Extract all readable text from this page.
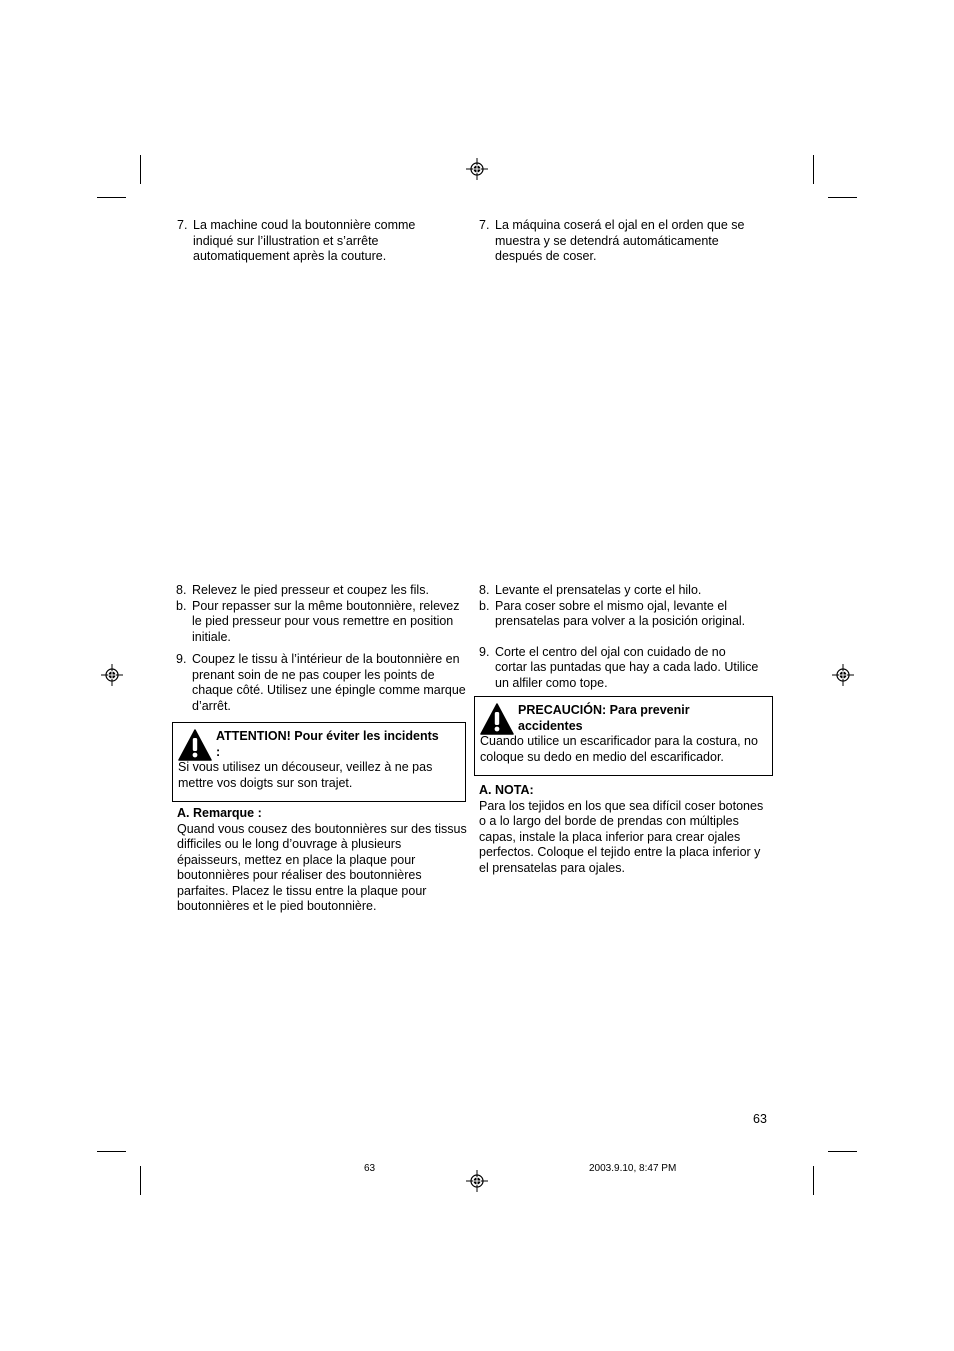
7. La machine coud la boutonnière comme indiqué sur l’illustration et s’arrête automatiquement après la couture.
8. Relevez le pied presseur et coupez les fils.
b. Pour repasser sur la même boutonnière, relevez le pied presseur pour vous remettre en position initiale.
9. Coupez le tissu à l’intérieur de la boutonnière en prenant soin de ne pas couper les points de chaque côté. Utilisez une épingle comme marque d’arrêt.
ATTENTION! Pour éviter les incidents :
Si vous utilisez un découseur, veillez à ne pas mettre vos doigts sur son trajet.
A. Remarque :
Quand vous cousez des boutonnières sur des tissus difficiles ou le long d’ouvrage à plusieurs épaisseurs, mettez en place la plaque pour boutonnières pour réaliser des boutonnières parfaites. Placez le tissu entre la plaque pour boutonnières et le pied boutonnière.
7. La máquina coserá el ojal en el orden que se muestra y se detendrá automáticamente después de coser.
8. Levante el prensatelas y corte el hilo.
b. Para coser sobre el mismo ojal, levante el prensatelas para volver a la posición original.
9. Corte el centro del ojal con cuidado de no cortar las puntadas que hay a cada lado. Utilice un alfiler como tope.
PRECAUCIÓN: Para prevenir accidentes
Cuando utilice un escarificador para la costura, no coloque su dedo en medio del escarificador.
A. NOTA:
Para los tejidos en los que sea difícil coser botones o a lo largo del borde de prendas con múltiples capas, instale la placa inferior para crear ojales perfectos. Coloque el tejido entre la placa inferior y el prensatelas para ojales.
63
63	2003.9.10, 8:47 PM
